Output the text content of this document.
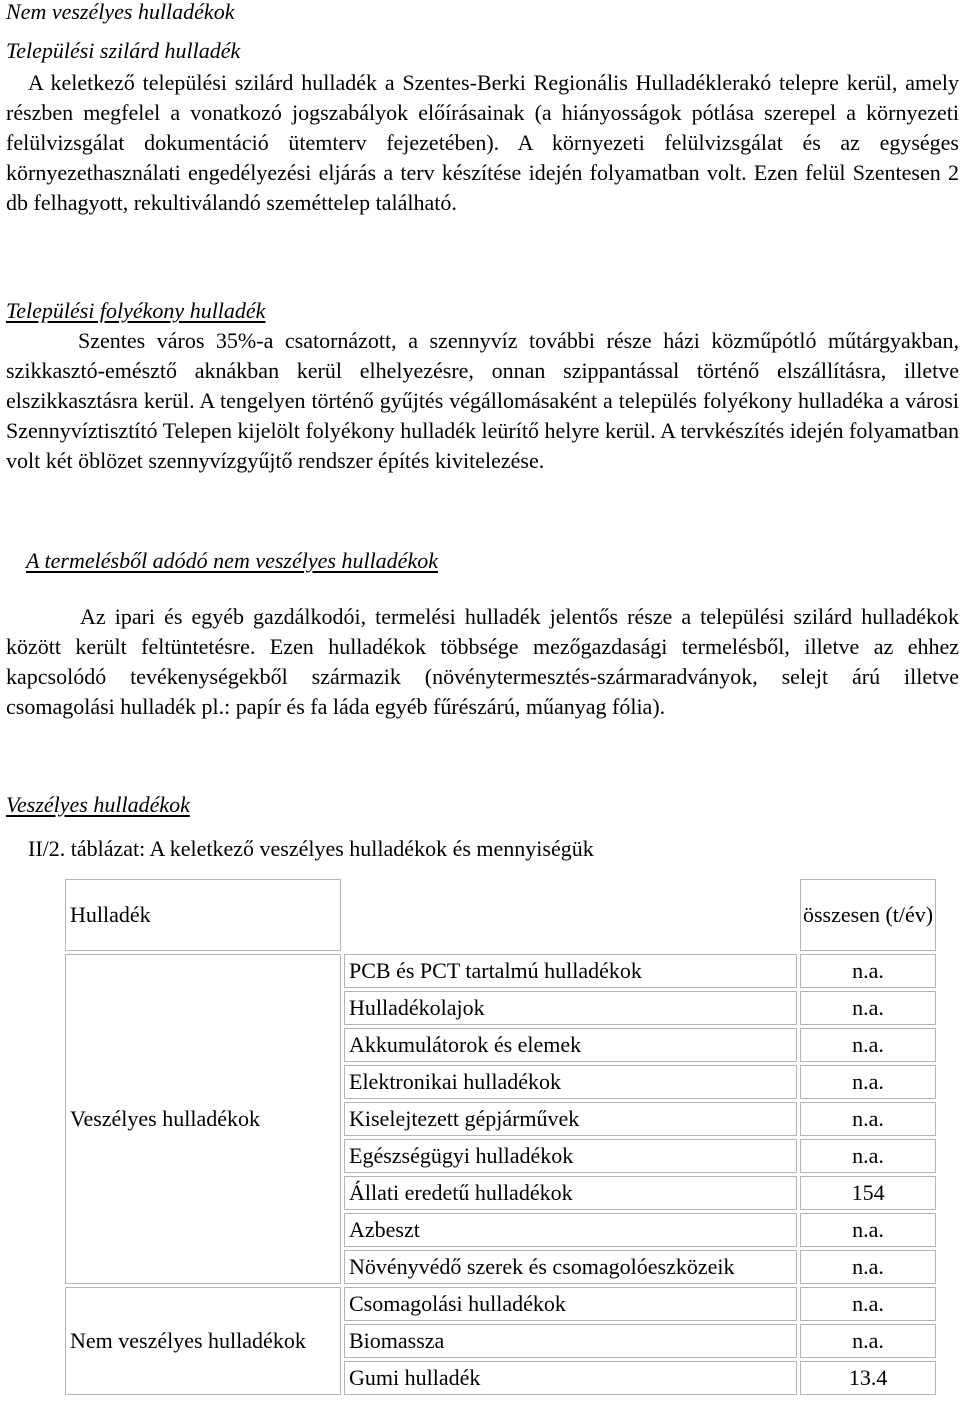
Nem veszélyes hulladékok
Települési szilárd hulladék

A keletkező települési szilárd hulladék a Szentes-Berki Regionális Hulladéklerakó telepre kerül, amely részben megfelel a vonatkozó jogszabályok előírásainak (a hiányosságok pótlása szerepel a környezeti felülvizsgálat dokumentáció ütemterv fejezetében). A környezeti felülvizsgálat és az egységes környezethasználati engedélyezési eljárás a terv készítése idején folyamatban volt. Ezen felül Szentesen 2 db felhagyott, rekultiválandó szeméttelep található.

Települési folyékony hulladék

Szentes város 35%-a csatornázott, a szennyvíz további része házi közműpótló műtárgyakban, szikkasztó-emésztő aknákban kerül elhelyezésre, onnan szippantással történő elszállításra, illetve elszikkasztásra kerül. A tengelyen történő gyűjtés végállomásaként a település folyékony hulladéka a városi Szennyvíztisztító Telepen kijelölt folyékony hulladék leürítő helyre kerül. A tervkészítés idején folyamatban volt két öblözet szennyvízgyűjtő rendszer építés kivitelezése.

A termelésből adódó nem veszélyes hulladékok

Az ipari és egyéb gazdálkodói, termelési hulladék jelentős része a települési szilárd hulladékok között került feltüntetésre. Ezen hulladékok többsége mezőgazdasági termelésből, illetve az ehhez kapcsolódó tevékenységekből származik (növénytermesztés-szármaradványok, selejt árú illetve csomagolási hulladék pl.: papír és fa láda egyéb fűrészárú, műanyag fólia).

Veszélyes hulladékok
II/2. táblázat: A keletkező veszélyes hulladékok és mennyiségük
Hulladék		összesen (t/év)
Veszélyes hulladékok	PCB és PCT tartalmú hulladékok	n.a.
	Hulladékolajok	n.a.
	Akkumulátorok és elemek	n.a.
	Elektronikai hulladékok	n.a.
	Kiselejtezett gépjárművek	n.a.
	Egészségügyi hulladékok	n.a.
	Állati eredetű hulladékok	154
	Azbeszt	n.a.
	Növényvédő szerek és csomagolóeszközeik	n.a.
Nem veszélyes hulladékok	Csomagolási hulladékok	n.a.
	Biomassza	n.a.
	Gumi hulladék	13.4
